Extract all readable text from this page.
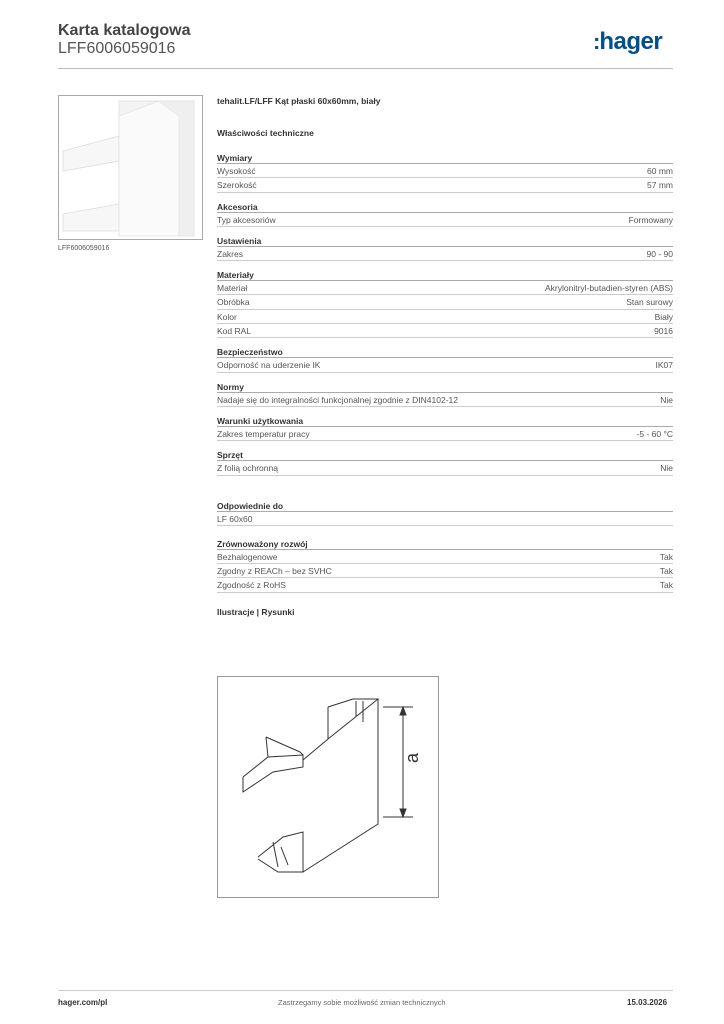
Karta katalogowa
LFF6006059016	:hager
LFF6006059016
tehalit.LF/LFF Kąt płaski 60x60mm, biały
Właściwości techniczne
Wymiary
Wysokość	60 mm
Szerokość	57 mm
Akcesoria
Typ akcesoriów	Formowany
Ustawienia
Zakres	90 - 90
Materiały
Materiał	Akrylonitryl-butadien-styren (ABS)
Obróbka	Stan surowy
Kolor	Biały
Kod RAL	9016
Bezpieczeństwo
Odporność na uderzenie IK	IK07
Normy
Nadaje się do integralności funkcjonalnej zgodnie z DIN4102-12	Nie
Warunki użytkowania
Zakres temperatur pracy	-5 - 60 °C
Sprzęt
Z folią ochronną	Nie
Odpowiednie do
LF 60x60
Zrównoważony rozwój
Bezhalogenowe	Tak
Zgodny z REACh – bez SVHC	Tak
Zgodność z RoHS	Tak
Ilustracje | Rysunki
a
hager.com/pl	Zastrzegamy sobie możliwość zmian technicznych	15.03.2026
